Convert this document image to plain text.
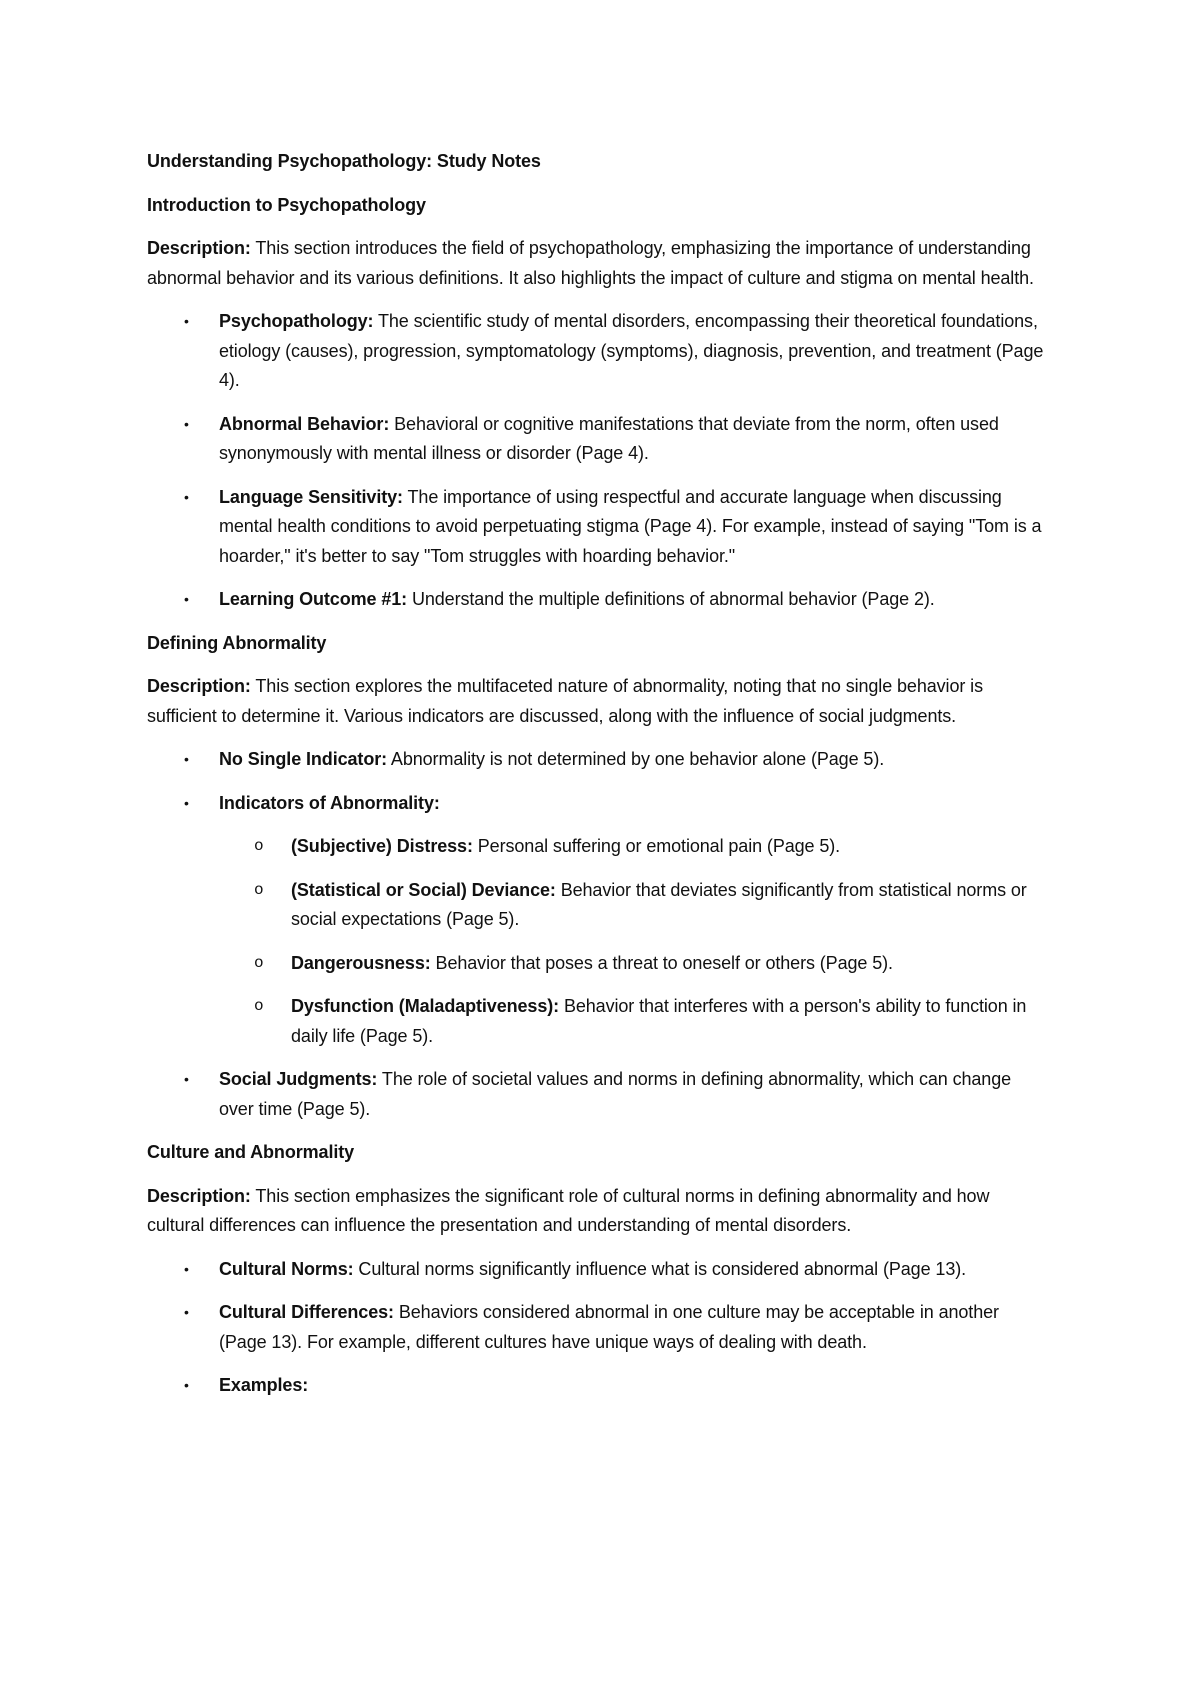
Understanding Psychopathology: Study Notes
Introduction to Psychopathology

Description: This section introduces the field of psychopathology, emphasizing the importance of understanding abnormal behavior and its various definitions. It also highlights the impact of culture and stigma on mental health.

• Psychopathology: The scientific study of mental disorders, encompassing their theoretical foundations, etiology (causes), progression, symptomatology (symptoms), diagnosis, prevention, and treatment (Page 4).
• Abnormal Behavior: Behavioral or cognitive manifestations that deviate from the norm, often used synonymously with mental illness or disorder (Page 4).
• Language Sensitivity: The importance of using respectful and accurate language when discussing mental health conditions to avoid perpetuating stigma (Page 4). For example, instead of saying "Tom is a hoarder," it's better to say "Tom struggles with hoarding behavior."
• Learning Outcome #1: Understand the multiple definitions of abnormal behavior (Page 2).
Defining Abnormality

Description: This section explores the multifaceted nature of abnormality, noting that no single behavior is sufficient to determine it. Various indicators are discussed, along with the influence of social judgments.

• No Single Indicator: Abnormality is not determined by one behavior alone (Page 5).
• Indicators of Abnormality:
o (Subjective) Distress: Personal suffering or emotional pain (Page 5).
o (Statistical or Social) Deviance: Behavior that deviates significantly from statistical norms or social expectations (Page 5).
o Dangerousness: Behavior that poses a threat to oneself or others (Page 5).
o Dysfunction (Maladaptiveness): Behavior that interferes with a person's ability to function in daily life (Page 5).
• Social Judgments: The role of societal values and norms in defining abnormality, which can change over time (Page 5).
Culture and Abnormality

Description: This section emphasizes the significant role of cultural norms in defining abnormality and how cultural differences can influence the presentation and understanding of mental disorders.

• Cultural Norms: Cultural norms significantly influence what is considered abnormal (Page 13).
• Cultural Differences: Behaviors considered abnormal in one culture may be acceptable in another (Page 13). For example, different cultures have unique ways of dealing with death.
• Examples:
